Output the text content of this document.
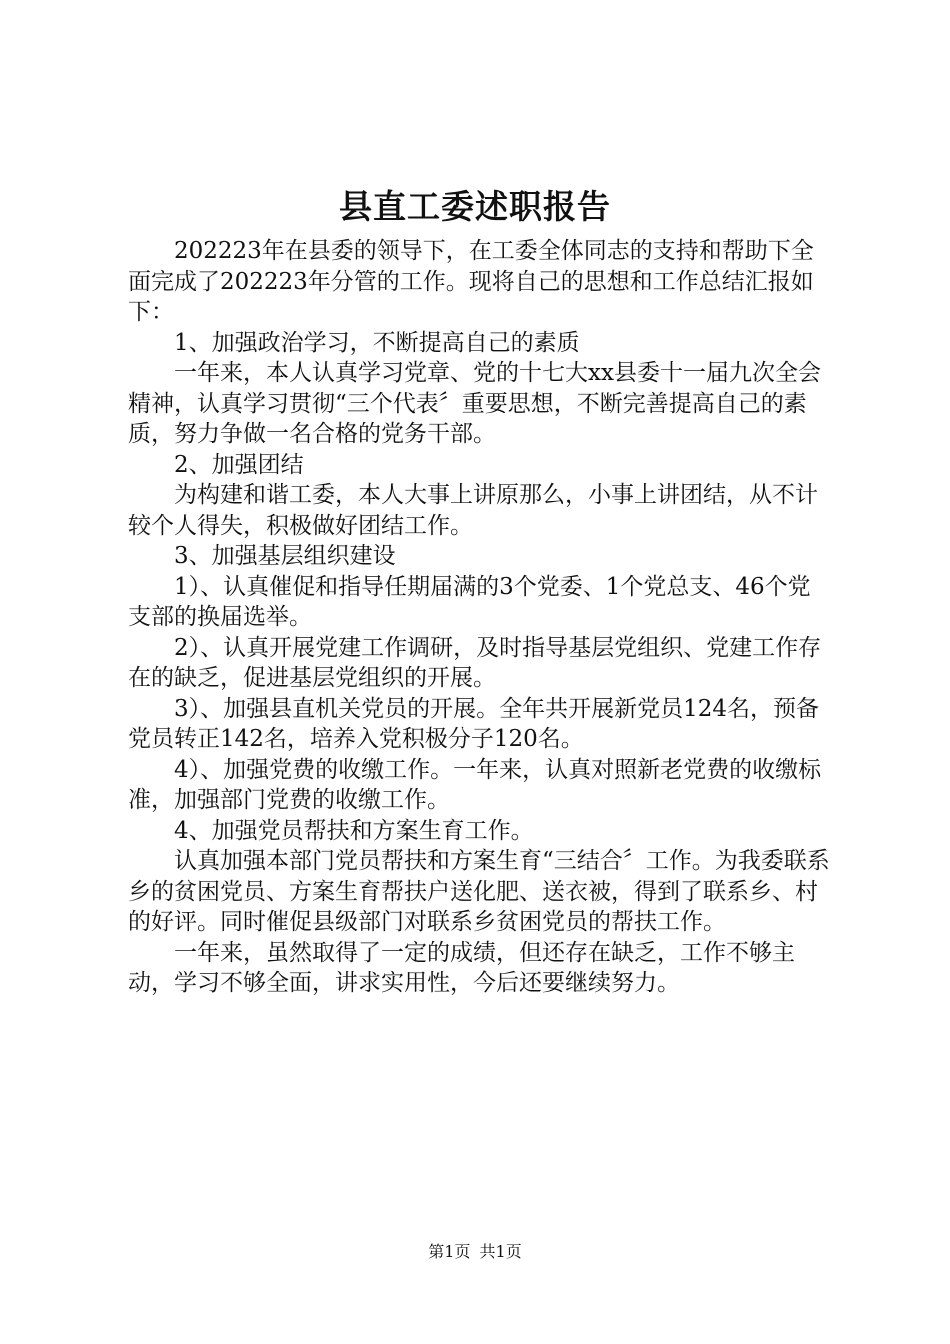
县直工委述职报告

202223年在县委的领导下，在工委全体同志的支持和帮助下全面完成了202223年分管的工作。现将自己的思想和工作总结汇报如下：

1、加强政治学习，不断提高自己的素质

一年来，本人认真学习党章、党的十七大xx县委十一届九次全会精神，认真学习贯彻“三个代表〞重要思想，不断完善提高自己的素质，努力争做一名合格的党务干部。

2、加强团结

为构建和谐工委，本人大事上讲原那么，小事上讲团结，从不计较个人得失，积极做好团结工作。

3、加强基层组织建设

1）、认真催促和指导任期届满的3个党委、1个党总支、46个党支部的换届选举。

2）、认真开展党建工作调研，及时指导基层党组织、党建工作存在的缺乏，促进基层党组织的开展。

3）、加强县直机关党员的开展。全年共开展新党员124名，预备党员转正142名，培养入党积极分子120名。

4）、加强党费的收缴工作。一年来，认真对照新老党费的收缴标准，加强部门党费的收缴工作。

4、加强党员帮扶和方案生育工作。

认真加强本部门党员帮扶和方案生育“三结合〞工作。为我委联系乡的贫困党员、方案生育帮扶户送化肥、送衣被，得到了联系乡、村的好评。同时催促县级部门对联系乡贫困党员的帮扶工作。

一年来，虽然取得了一定的成绩，但还存在缺乏，工作不够主动，学习不够全面，讲求实用性，今后还要继续努力。

第1页 共1页
